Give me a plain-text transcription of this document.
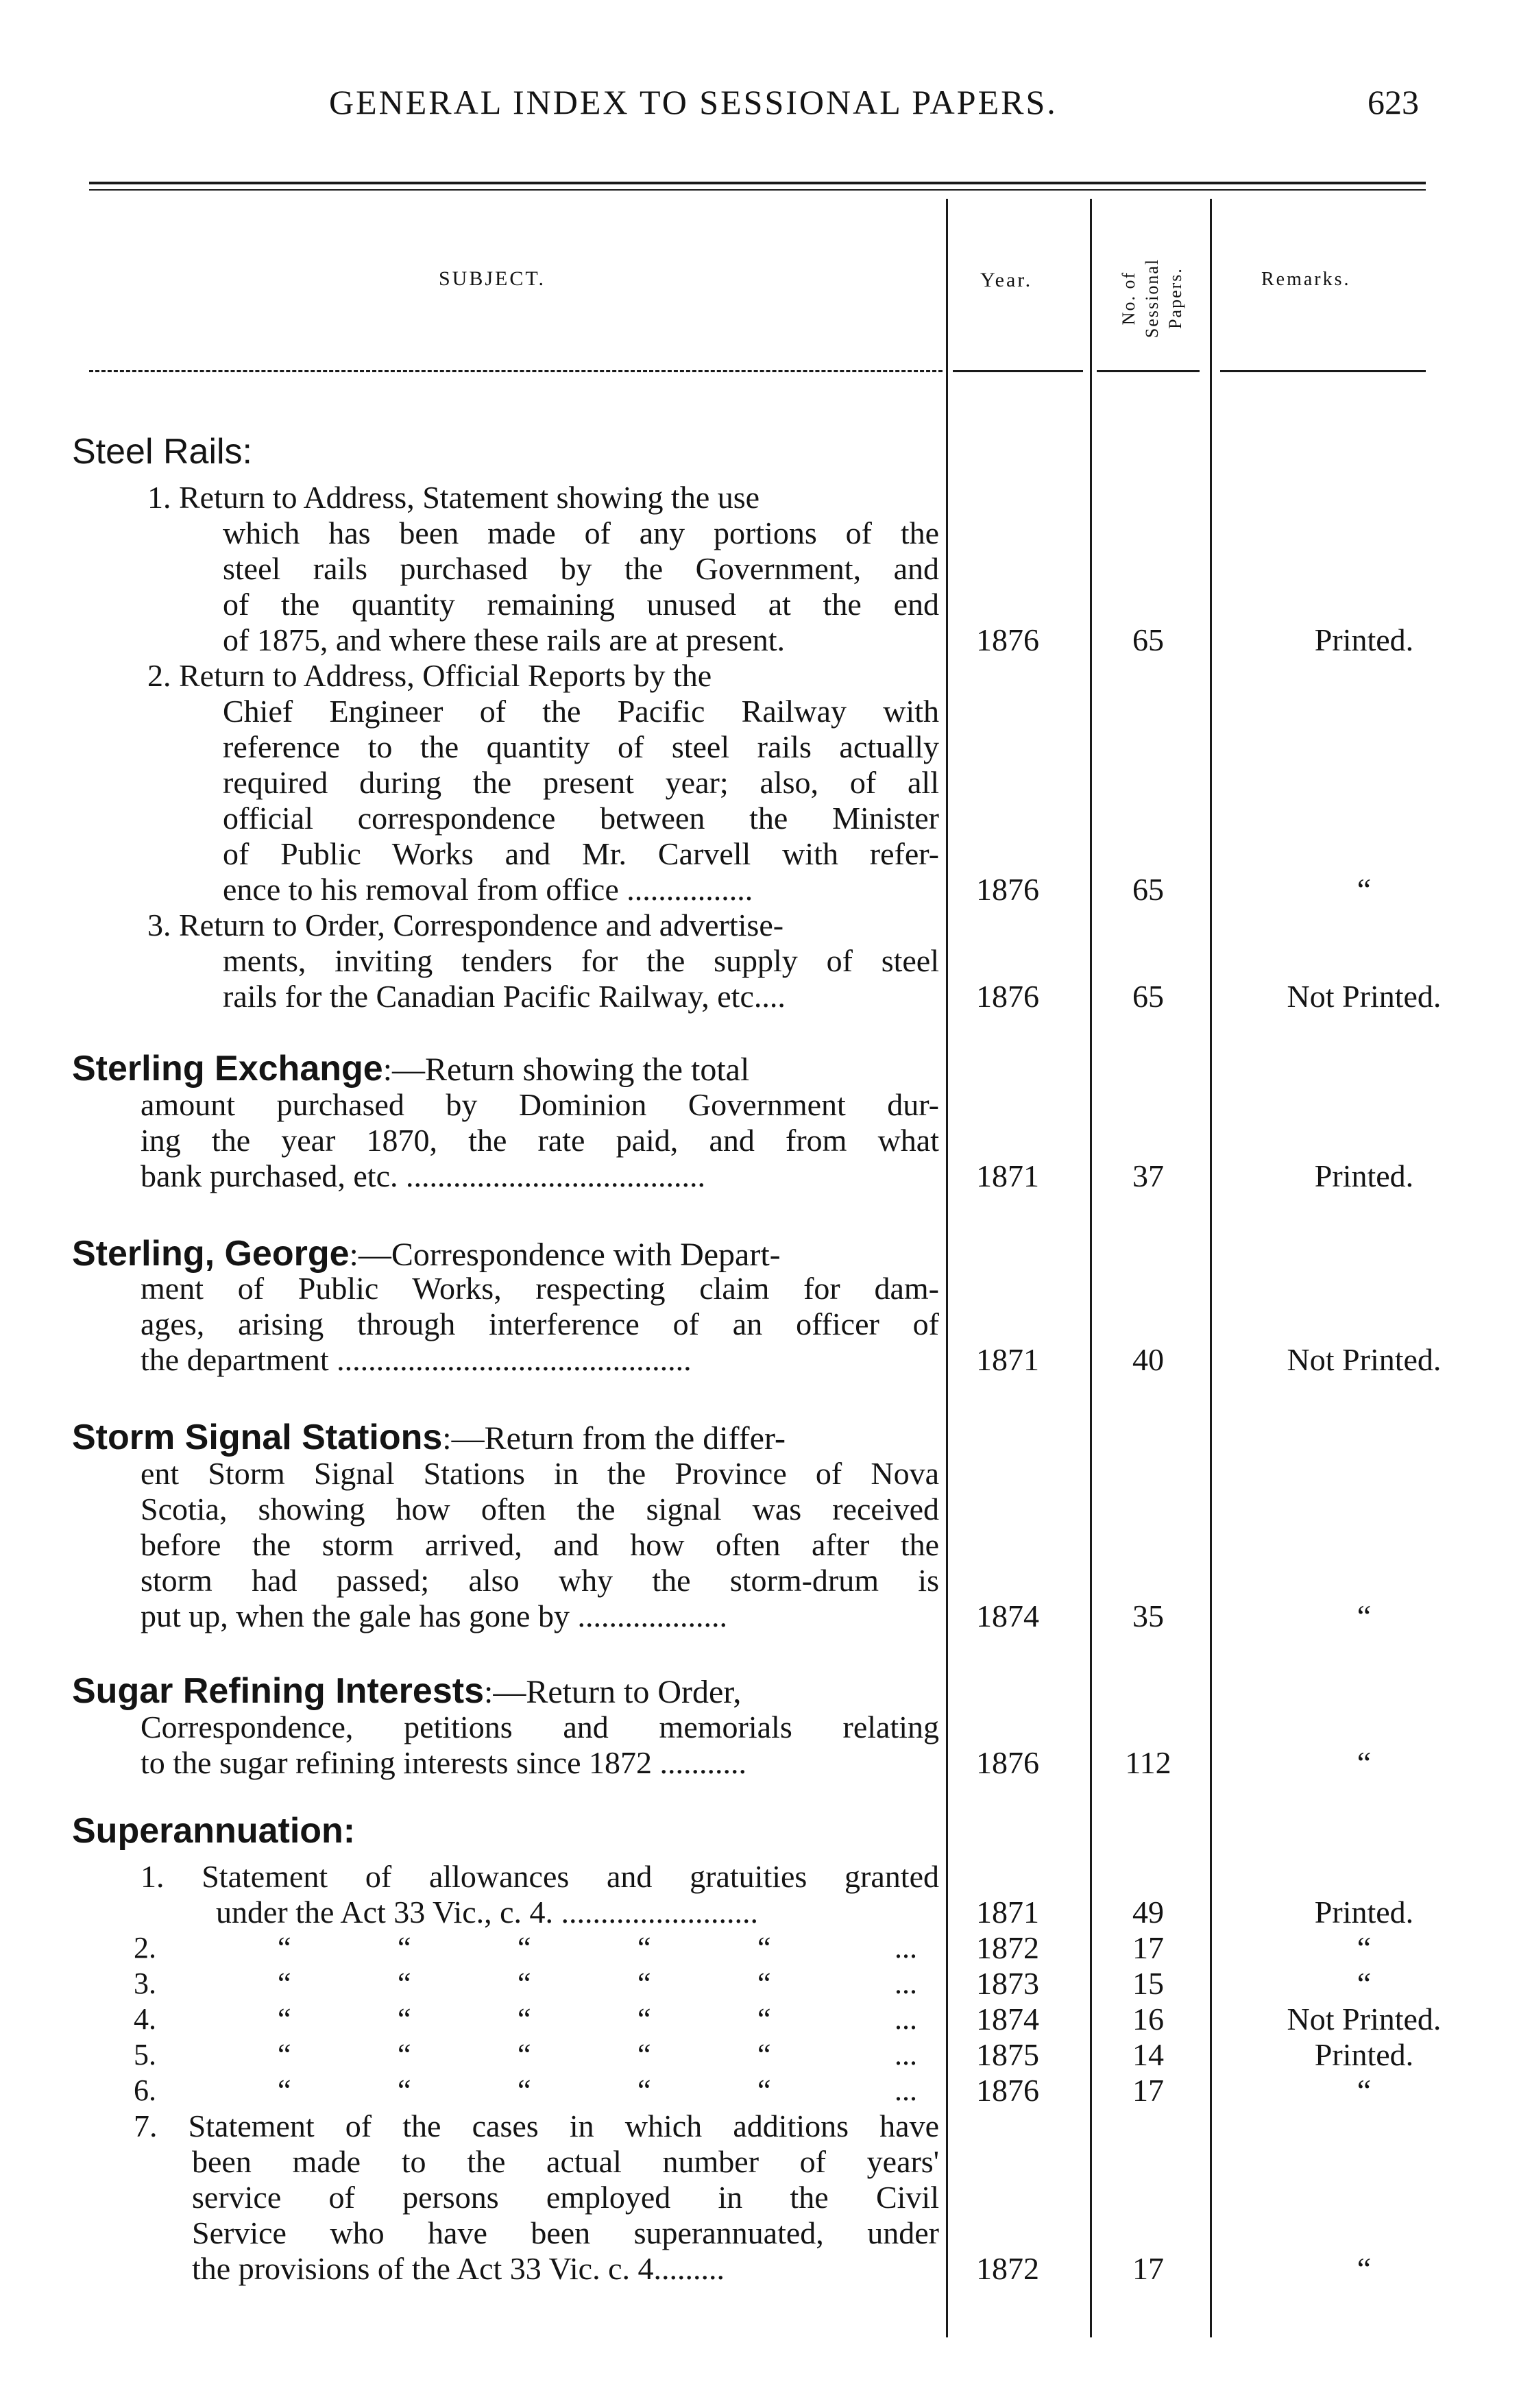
GENERAL INDEX TO SESSIONAL PAPERS.	623
SUBJECT.	Year.	No. of Sessional Papers.	Remarks.
Steel Rails:
1. Return to Address, Statement showing the use
which has been made of any portions of the
steel rails purchased by the Government, and
of the quantity remaining unused at the end
of 1875, and where these rails are at present.	1876	65	Printed.
2. Return to Address, Official Reports by the
Chief Engineer of the Pacific Railway with
reference to the quantity of steel rails actually
required during the present year; also, of all
official correspondence between the Minister
of Public Works and Mr. Carvell with refer-
ence to his removal from office ................	1876	65	“
3. Return to Order, Correspondence and advertise-
ments, inviting tenders for the supply of steel
rails for the Canadian Pacific Railway, etc....	1876	65	Not Printed.
Sterling Exchange:—Return showing the total
amount purchased by Dominion Government dur-
ing the year 1870, the rate paid, and from what
bank purchased, etc. ......................................	1871	37	Printed.
Sterling, George:—Correspondence with Depart-
ment of Public Works, respecting claim for dam-
ages, arising through interference of an officer of
the department .............................................	1871	40	Not Printed.
Storm Signal Stations:—Return from the differ-
ent Storm Signal Stations in the Province of Nova
Scotia, showing how often the signal was received
before the storm arrived, and how often after the
storm had passed; also why the storm-drum is
put up, when the gale has gone by ...................	1874	35	“
Sugar Refining Interests:—Return to Order,
Correspondence, petitions and memorials relating
to the sugar refining interests since 1872 ...........	1876	112	“
Superannuation:
1. Statement of allowances and gratuities granted
under the Act 33 Vic., c. 4. .........................	1871	49	Printed.
2.	“	“	“	“	“	...	1872	17	“
3.	“	“	“	“	“	...	1873	15	“
4.	“	“	“	“	“	...	1874	16	Not Printed.
5.	“	“	“	“	“	...	1875	14	Printed.
6.	“	“	“	“	“	...	1876	17	“
7. Statement of the cases in which additions have
been made to the actual number of years'
service of persons employed in the Civil
Service who have been superannuated, under
the provisions of the Act 33 Vic. c. 4.........	1872	17	“
